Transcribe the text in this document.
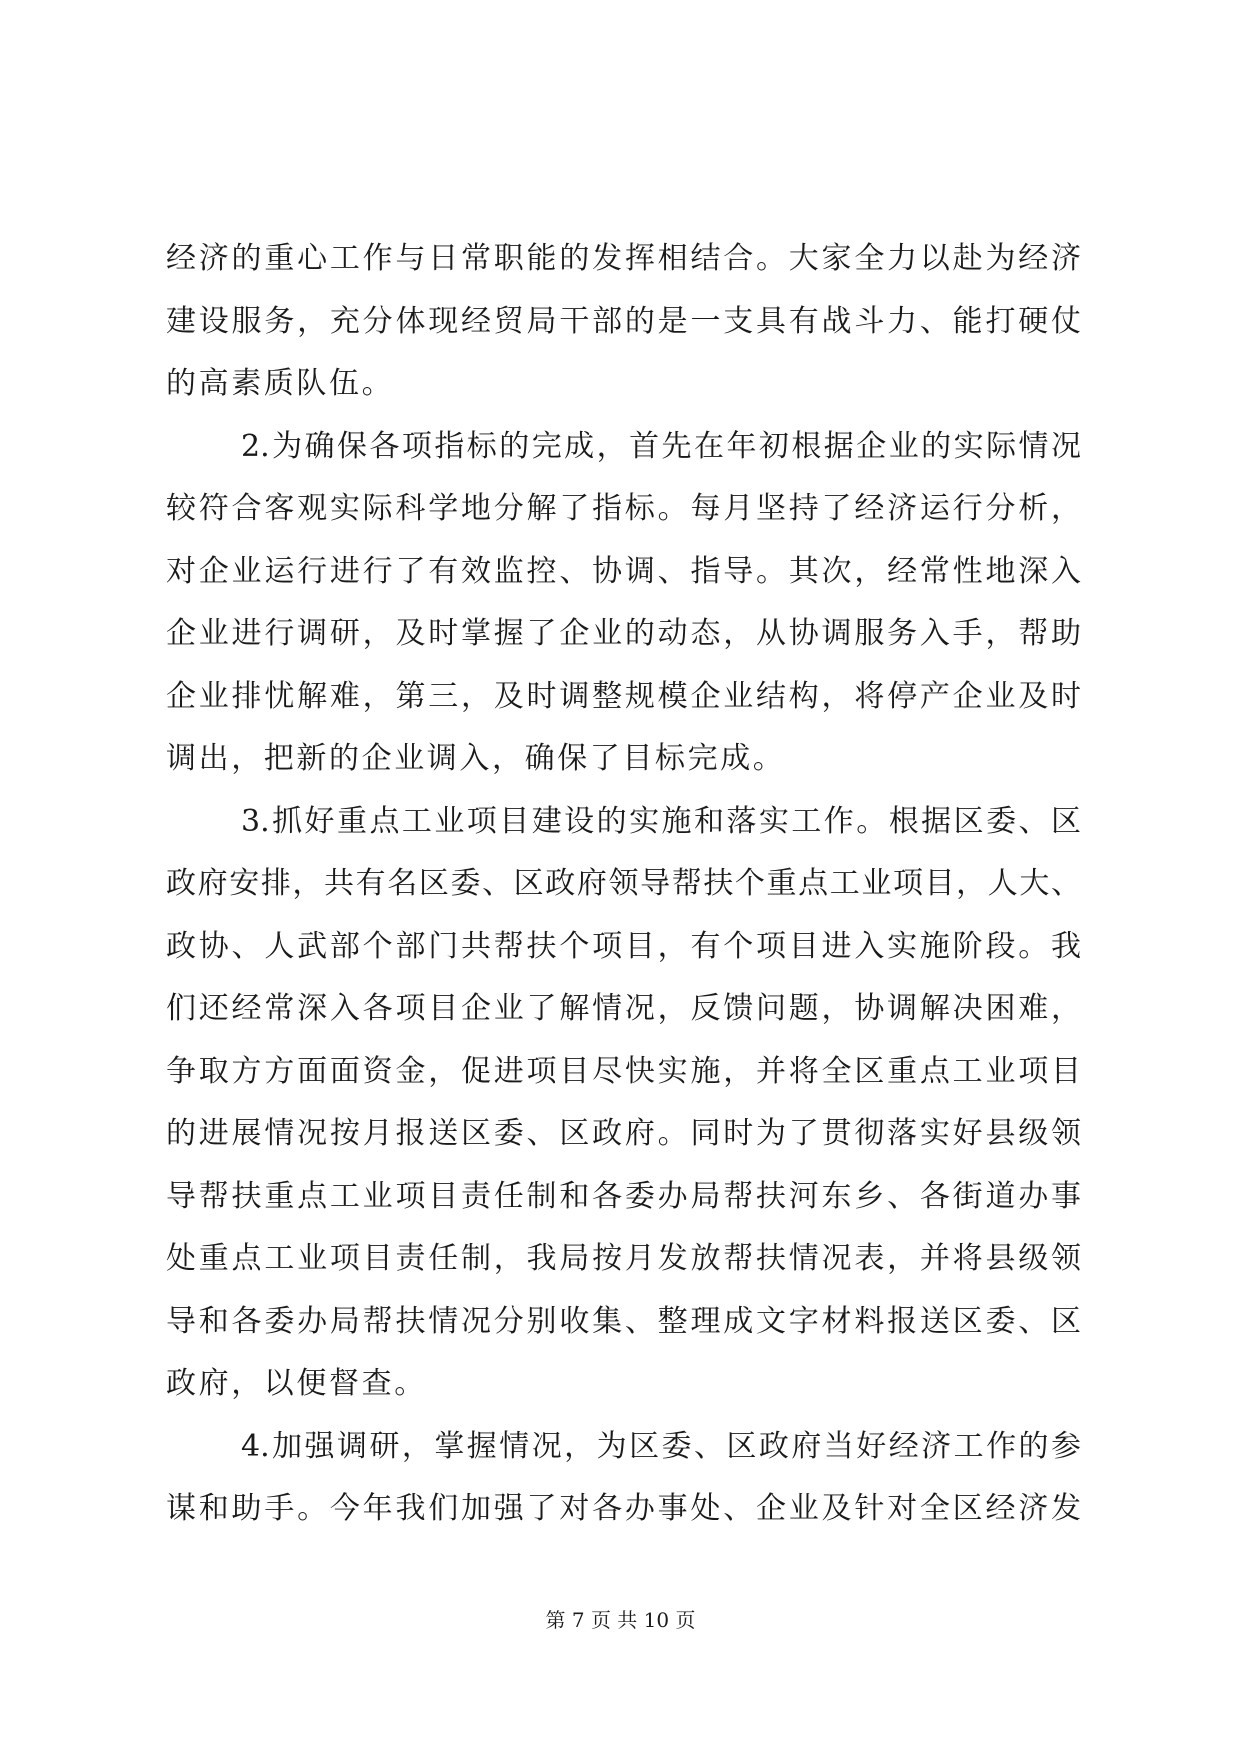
经济的重心工作与日常职能的发挥相结合。大家全力以赴为经济
建设服务，充分体现经贸局干部的是一支具有战斗力、能打硬仗
的高素质队伍。
2.为确保各项指标的完成，首先在年初根据企业的实际情况
较符合客观实际科学地分解了指标。每月坚持了经济运行分析，
对企业运行进行了有效监控、协调、指导。其次，经常性地深入
企业进行调研，及时掌握了企业的动态，从协调服务入手，帮助
企业排忧解难，第三，及时调整规模企业结构，将停产企业及时
调出，把新的企业调入，确保了目标完成。
3.抓好重点工业项目建设的实施和落实工作。根据区委、区
政府安排，共有名区委、区政府领导帮扶个重点工业项目，人大、
政协、人武部个部门共帮扶个项目，有个项目进入实施阶段。我
们还经常深入各项目企业了解情况，反馈问题，协调解决困难，
争取方方面面资金，促进项目尽快实施，并将全区重点工业项目
的进展情况按月报送区委、区政府。同时为了贯彻落实好县级领
导帮扶重点工业项目责任制和各委办局帮扶河东乡、各街道办事
处重点工业项目责任制，我局按月发放帮扶情况表，并将县级领
导和各委办局帮扶情况分别收集、整理成文字材料报送区委、区
政府，以便督查。
4.加强调研，掌握情况，为区委、区政府当好经济工作的参
谋和助手。今年我们加强了对各办事处、企业及针对全区经济发
第 7 页 共 10 页
